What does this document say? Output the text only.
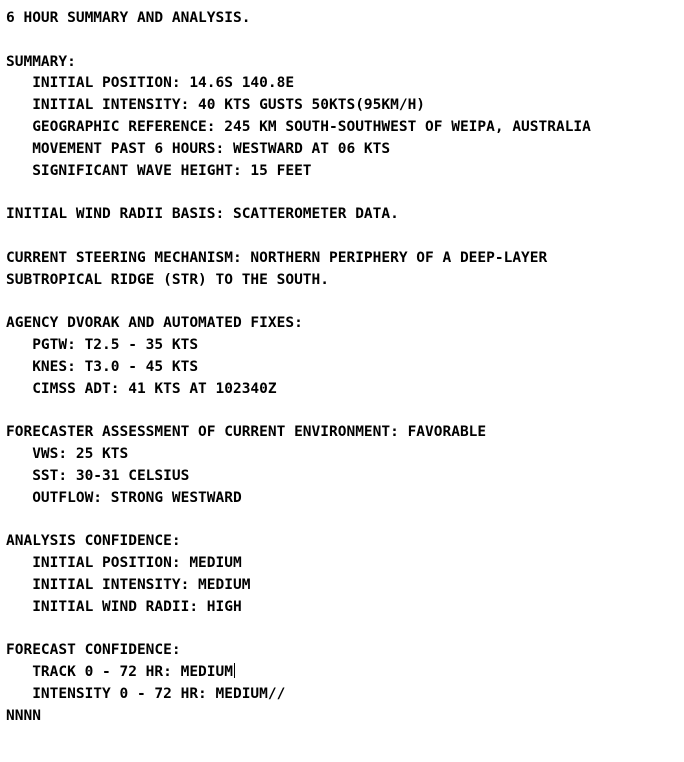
6 HOUR SUMMARY AND ANALYSIS.
SUMMARY:
INITIAL POSITION: 14.6S 140.8E
INITIAL INTENSITY: 40 KTS GUSTS 50KTS(95KM/H)
GEOGRAPHIC REFERENCE: 245 KM SOUTH-SOUTHWEST OF WEIPA, AUSTRALIA
MOVEMENT PAST 6 HOURS: WESTWARD AT 06 KTS
SIGNIFICANT WAVE HEIGHT: 15 FEET
INITIAL WIND RADII BASIS: SCATTEROMETER DATA.
CURRENT STEERING MECHANISM: NORTHERN PERIPHERY OF A DEEP-LAYER
SUBTROPICAL RIDGE (STR) TO THE SOUTH.
AGENCY DVORAK AND AUTOMATED FIXES:
PGTW: T2.5 - 35 KTS
KNES: T3.0 - 45 KTS
CIMSS ADT: 41 KTS AT 102340Z
FORECASTER ASSESSMENT OF CURRENT ENVIRONMENT: FAVORABLE
VWS: 25 KTS
SST: 30-31 CELSIUS
OUTFLOW: STRONG WESTWARD
ANALYSIS CONFIDENCE:
INITIAL POSITION: MEDIUM
INITIAL INTENSITY: MEDIUM
INITIAL WIND RADII: HIGH
FORECAST CONFIDENCE:
TRACK 0 - 72 HR: MEDIUM
INTENSITY 0 - 72 HR: MEDIUM//
NNNN
